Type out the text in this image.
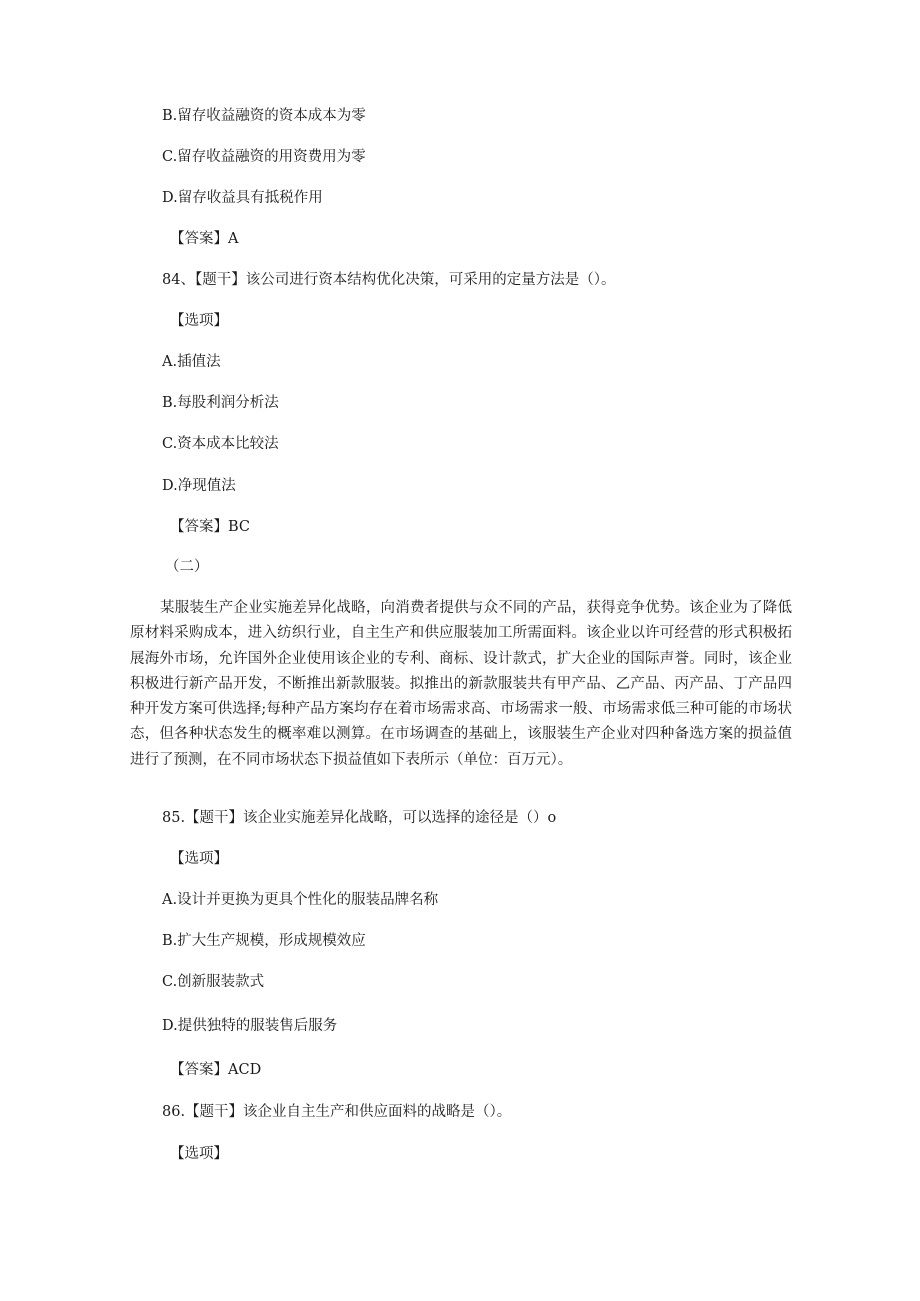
B.留存收益融资的资本成本为零
C.留存收益融资的用资费用为零
D.留存收益具有抵税作用
【答案】A
84、【题干】该公司进行资本结构优化决策，可采用的定量方法是（）。
【选项】
A.插值法
B.每股利润分析法
C.资本成本比较法
D.净现值法
【答案】BC
（二）
某服装生产企业实施差异化战略，向消费者提供与众不同的产品，获得竞争优势。该企业为了降低原材料采购成本，进入纺织行业，自主生产和供应服装加工所需面料。该企业以许可经营的形式积极拓展海外市场，允许国外企业使用该企业的专利、商标、设计款式，扩大企业的国际声誉。同时，该企业积极进行新产品开发，不断推出新款服装。拟推出的新款服装共有甲产品、乙产品、丙产品、丁产品四种开发方案可供选择;每种产品方案均存在着市场需求高、市场需求一般、市场需求低三种可能的市场状态，但各种状态发生的概率难以测算。在市场调查的基础上，该服装生产企业对四种备选方案的损益值进行了预测，在不同市场状态下损益值如下表所示（单位：百万元）。
85.【题干】该企业实施差异化战略，可以选择的途径是（）o
【选项】
A.设计并更换为更具个性化的服装品牌名称
B.扩大生产规模，形成规模效应
C.创新服装款式
D.提供独特的服装售后服务
【答案】ACD
86.【题干】该企业自主生产和供应面料的战略是（）。
【选项】
